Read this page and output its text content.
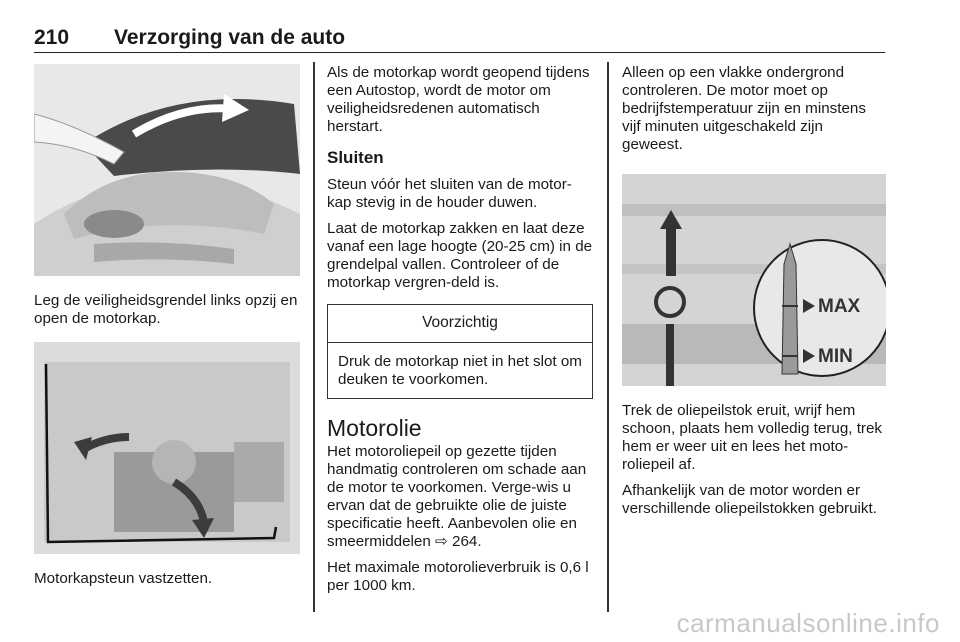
210 Verzorging van de auto

Leg de veiligheidsgrendel links opzij en open de motorkap.

Motorkapsteun vastzetten.

Als de motorkap wordt geopend tijdens een Autostop, wordt de motor om veiligheidsredenen automatisch herstart.

Sluiten

Steun vóór het sluiten van de motor-kap stevig in de houder duwen.

Laat de motorkap zakken en laat deze vanaf een lage hoogte (20-25 cm) in de grendelpal vallen. Controleer of de motorkap vergren-deld is.

Voorzichtig

Druk de motorkap niet in het slot om deuken te voorkomen.

Motorolie

Het motoroliepeil op gezette tijden handmatig controleren om schade aan de motor te voorkomen. Verge-wis u ervan dat de gebruikte olie de juiste specificatie heeft. Aanbevolen olie en smeermiddelen ⇨ 264.

Het maximale motorolieverbruik is 0,6 l per 1000 km.

Alleen op een vlakke ondergrond controleren. De motor moet op bedrijfstemperatuur zijn en minstens vijf minuten uitgeschakeld zijn geweest.

MAX
MIN

Trek de oliepeilstok eruit, wrijf hem schoon, plaats hem volledig terug, trek hem er weer uit en lees het moto-roliepeil af.

Afhankelijk van de motor worden er verschillende oliepeilstokken gebruikt.

carmanualsonline.info
